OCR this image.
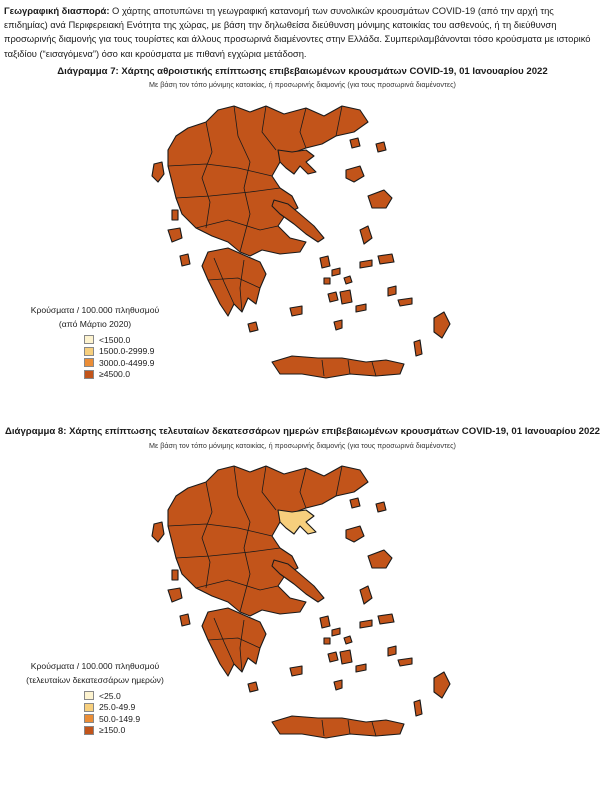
Γεωγραφική διασπορά: Ο χάρτης αποτυπώνει τη γεωγραφική κατανομή των συνολικών κρουσμάτων COVID-19 (από την αρχή της επιδημίας) ανά Περιφερειακή Ενότητα της χώρας, με βάση την δηλωθείσα διεύθυνση μόνιμης κατοικίας του ασθενούς, ή τη διεύθυνση προσωρινής διαμονής για τους τουρίστες και άλλους προσωρινά διαμένοντες στην Ελλάδα. Συμπεριλαμβάνονται τόσο κρούσματα με ιστορικό ταξιδίου (“εισαγόμενα”) όσο και κρούσματα με πιθανή εγχώρια μετάδοση.
Διάγραμμα 7: Χάρτης αθροιστικής επίπτωσης επιβεβαιωμένων κρουσμάτων COVID-19, 01 Ιανουαρίου 2022
Με βάση τον τόπο μόνιμης κατοικίας, ή προσωρινής διαμονής (για τους προσωρινά διαμένοντες)
Κρούσματα / 100.000 πληθυσμού
(από Μάρτιο 2020)
<1500.0
1500.0-2999.9
3000.0-4499.9
≥4500.0
Διάγραμμα 8: Χάρτης επίπτωσης τελευταίων δεκατεσσάρων ημερών επιβεβαιωμένων κρουσμάτων COVID-19, 01 Ιανουαρίου 2022
Με βάση τον τόπο μόνιμης κατοικίας, ή προσωρινής διαμονής (για τους προσωρινά διαμένοντες)
Κρούσματα / 100.000 πληθυσμού
(τελευταίων δεκατεσσάρων ημερών)
<25.0
25.0-49.9
50.0-149.9
≥150.0
